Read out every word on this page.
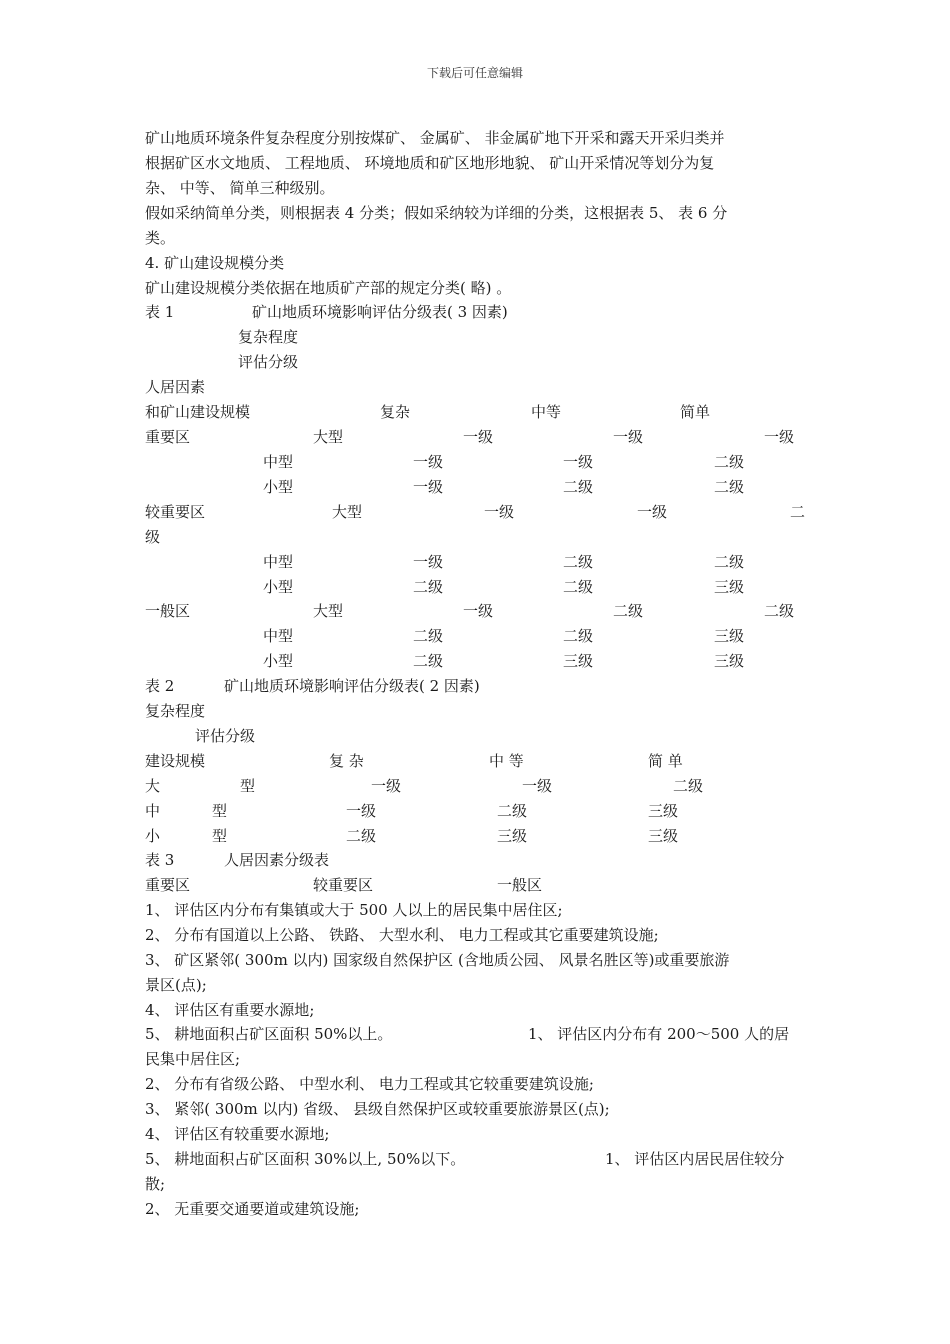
下载后可任意编辑
矿山地质环境条件复杂程度分别按煤矿、 金属矿、 非金属矿地下开采和露天开采归类并
根据矿区水文地质、 工程地质、 环境地质和矿区地形地貌、 矿山开采情况等划分为复
杂、 中等、 简单三种级别。
假如采纳简单分类，则根据表 4 分类；假如采纳较为详细的分类，这根据表 5、 表 6 分
类。
4. 矿山建设规模分类
矿山建设规模分类依据在地质矿产部的规定分类( 略) 。
表 1	矿山地质环境影响评估分级表( 3 因素)
复杂程度
评估分级
人居因素
和矿山建设规模	复杂	中等	简单
重要区	大型	一级	一级	一级
中型	一级	一级	二级
小型	一级	二级	二级
较重要区	大型	一级	一级	二
级
中型	一级	二级	二级
小型	二级	二级	三级
一般区	大型	一级	二级	二级
中型	二级	二级	三级
小型	二级	三级	三级
表 2	矿山地质环境影响评估分级表( 2 因素)
复杂程度
评估分级
建设规模	复 杂	中 等	简 单
大	型	一级	一级	二级
中	型	一级	二级	三级
小	型	二级	三级	三级
表 3	人居因素分级表
重要区	较重要区	一般区
1、 评估区内分布有集镇或大于 500 人以上的居民集中居住区;
2、 分布有国道以上公路、 铁路、 大型水利、 电力工程或其它重要建筑设施;
3、 矿区紧邻( 300m 以内) 国家级自然保护区 (含地质公园、 风景名胜区等)或重要旅游
景区(点);
4、 评估区有重要水源地;
5、 耕地面积占矿区面积 50%以上。	1、 评估区内分布有 200～500 人的居
民集中居住区;
2、 分布有省级公路、 中型水利、 电力工程或其它较重要建筑设施;
3、 紧邻( 300m 以内) 省级、 县级自然保护区或较重要旅游景区(点);
4、 评估区有较重要水源地;
5、 耕地面积占矿区面积 30%以上, 50%以下。	1、 评估区内居民居住较分
散;
2、 无重要交通要道或建筑设施;
